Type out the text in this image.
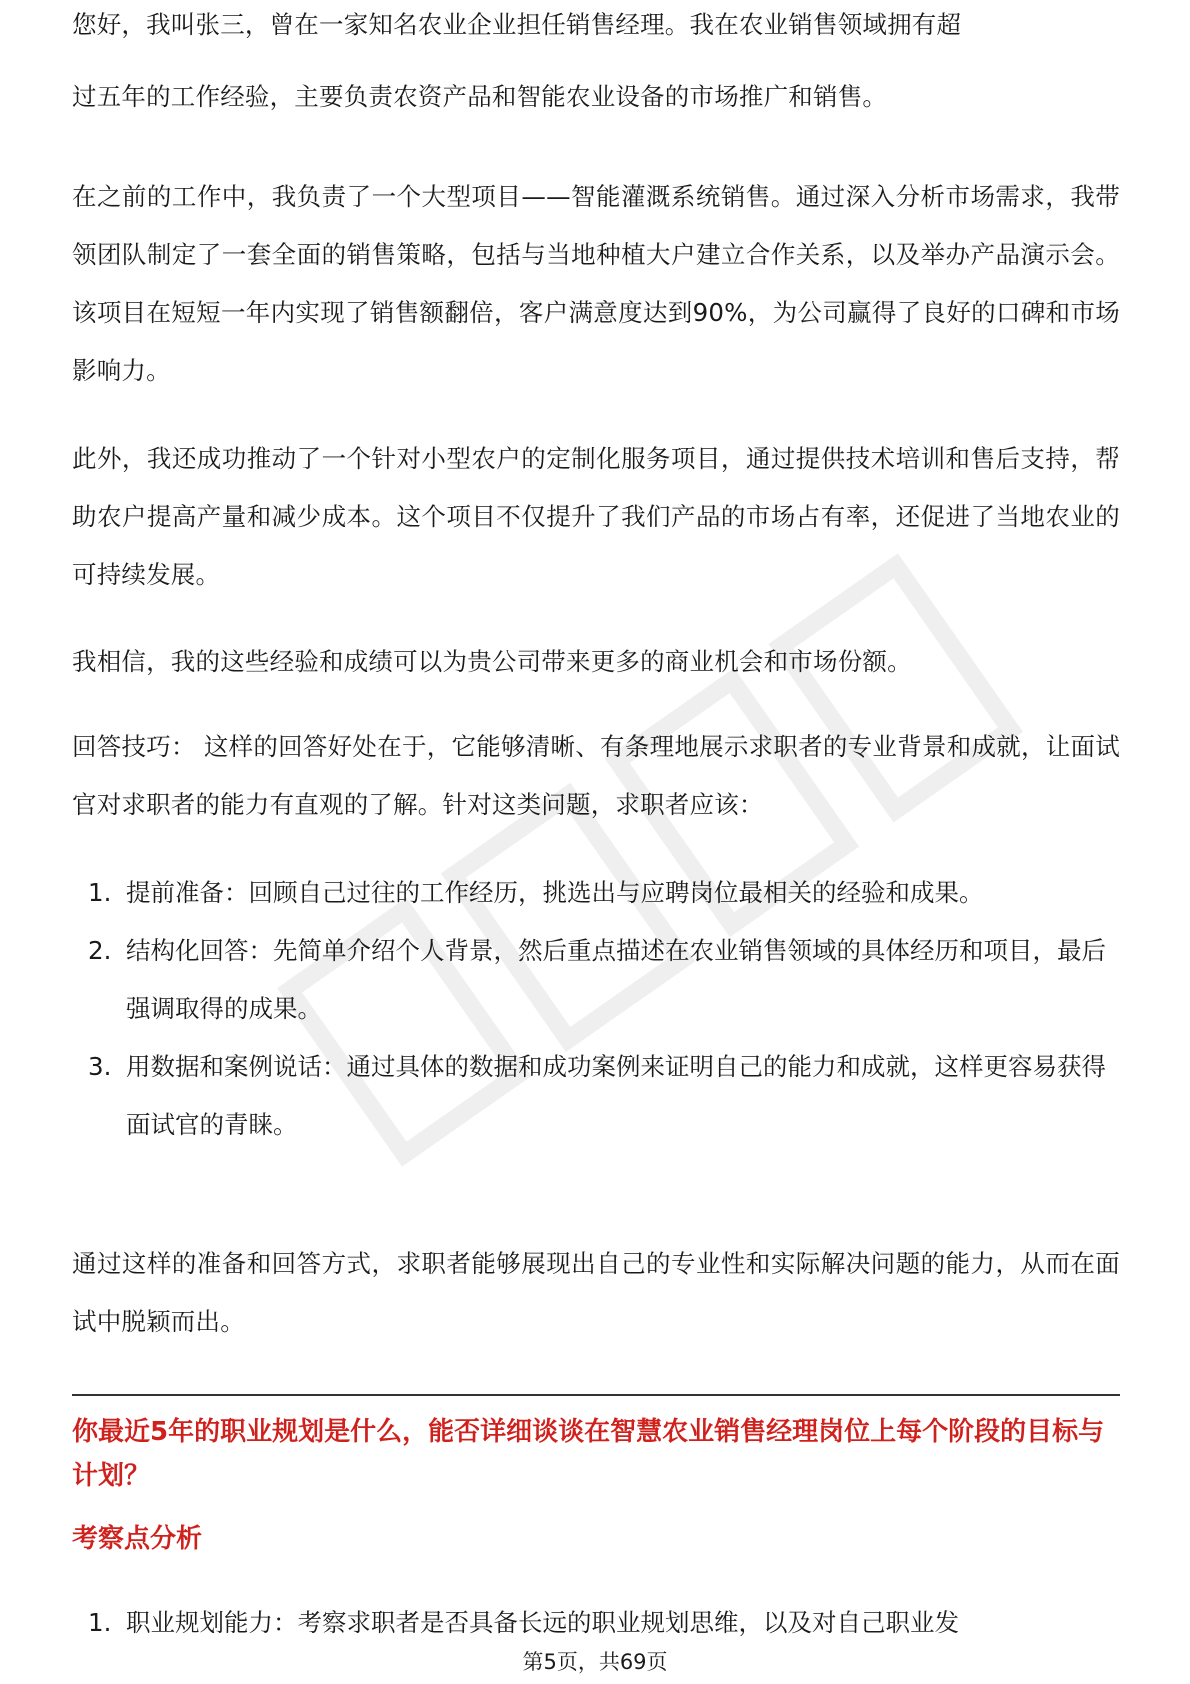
过五年的工作经验，主要负责农资产品和智能农业设备的市场推广和销售。

在之前的工作中，我负责了一个大型项目——智能灌溉系统销售。通过深入分析市场需求，我带领团队制定了一套全面的销售策略，包括与当地种植大户建立合作关系，以及举办产品演示会。该项目在短短一年内实现了销售额翻倍，客户满意度达到90%，为公司赢得了良好的口碑和市场影响力。

此外，我还成功推动了一个针对小型农户的定制化服务项目，通过提供技术培训和售后支持，帮助农户提高产量和减少成本。这个项目不仅提升了我们产品的市场占有率，还促进了当地农业的可持续发展。

我相信，我的这些经验和成绩可以为贵公司带来更多的商业机会和市场份额。

回答技巧： 这样的回答好处在于，它能够清晰、有条理地展示求职者的专业背景和成就，让面试官对求职者的能力有直观的了解。针对这类问题，求职者应该：

1. 提前准备：回顾自己过往的工作经历，挑选出与应聘岗位最相关的经验和成果。
2. 结构化回答：先简单介绍个人背景，然后重点描述在农业销售领域的具体经历和项目，最后强调取得的成果。
3. 用数据和案例说话：通过具体的数据和成功案例来证明自己的能力和成就，这样更容易获得面试官的青睐。

通过这样的准备和回答方式，求职者能够展现出自己的专业性和实际解决问题的能力，从而在面试中脱颖而出。

您好，我叫张三，曾在一家知名农业企业担任销售经理。我在农业销售领域拥有超

你最近5年的职业规划是什么，能否详细谈谈在智慧农业销售经理岗位上每个阶段的目标与计划？

考察点分析

1. 职业规划能力：考察求职者是否具备长远的职业规划思维，以及对自己职业发
第5页，共69页
